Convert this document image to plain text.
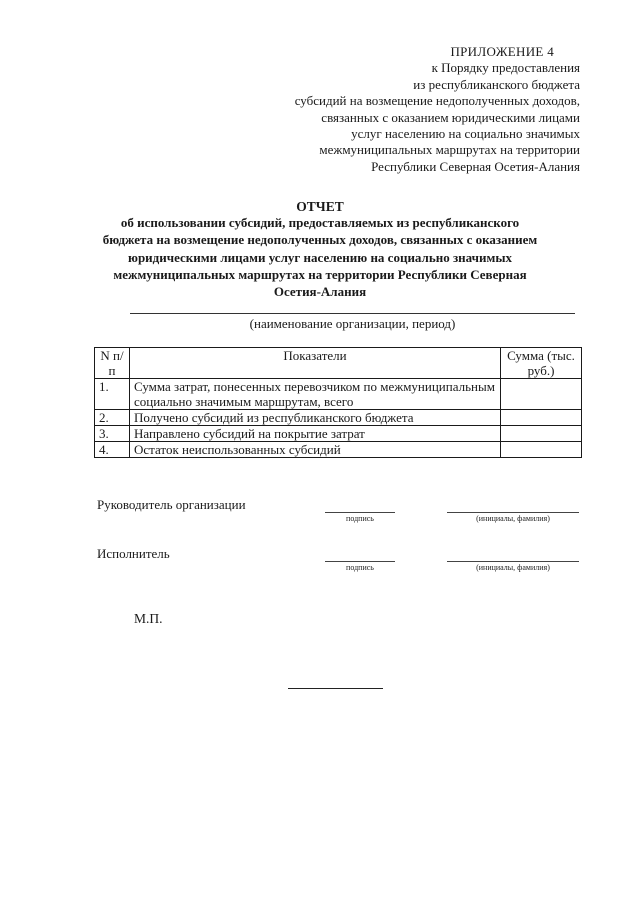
ПРИЛОЖЕНИЕ 4
к Порядку предоставления
из республиканского бюджета
субсидий на возмещение недополученных доходов,
связанных с оказанием юридическими лицами
услуг населению на социально значимых
межмуниципальных маршрутах на территории
Республики Северная Осетия-Алания
ОТЧЕТ
об использовании субсидий, предоставляемых из республиканского
бюджета на возмещение недополученных доходов, связанных с оказанием
юридическими лицами услуг населению на социально значимых
межмуниципальных маршрутах на территории Республики Северная
Осетия-Алания
(наименование организации, период)
N п/п	Показатели	Сумма (тыс. руб.)
1.	Сумма затрат, понесенных перевозчиком по межмуниципальным социально значимым маршрутам, всего	
2.	Получено субсидий из республиканского бюджета	
3.	Направлено субсидий на покрытие затрат	
4.	Остаток неиспользованных субсидий	
Руководитель организации
подпись	(инициалы, фамилия)
Исполнитель
подпись	(инициалы, фамилия)
М.П.
